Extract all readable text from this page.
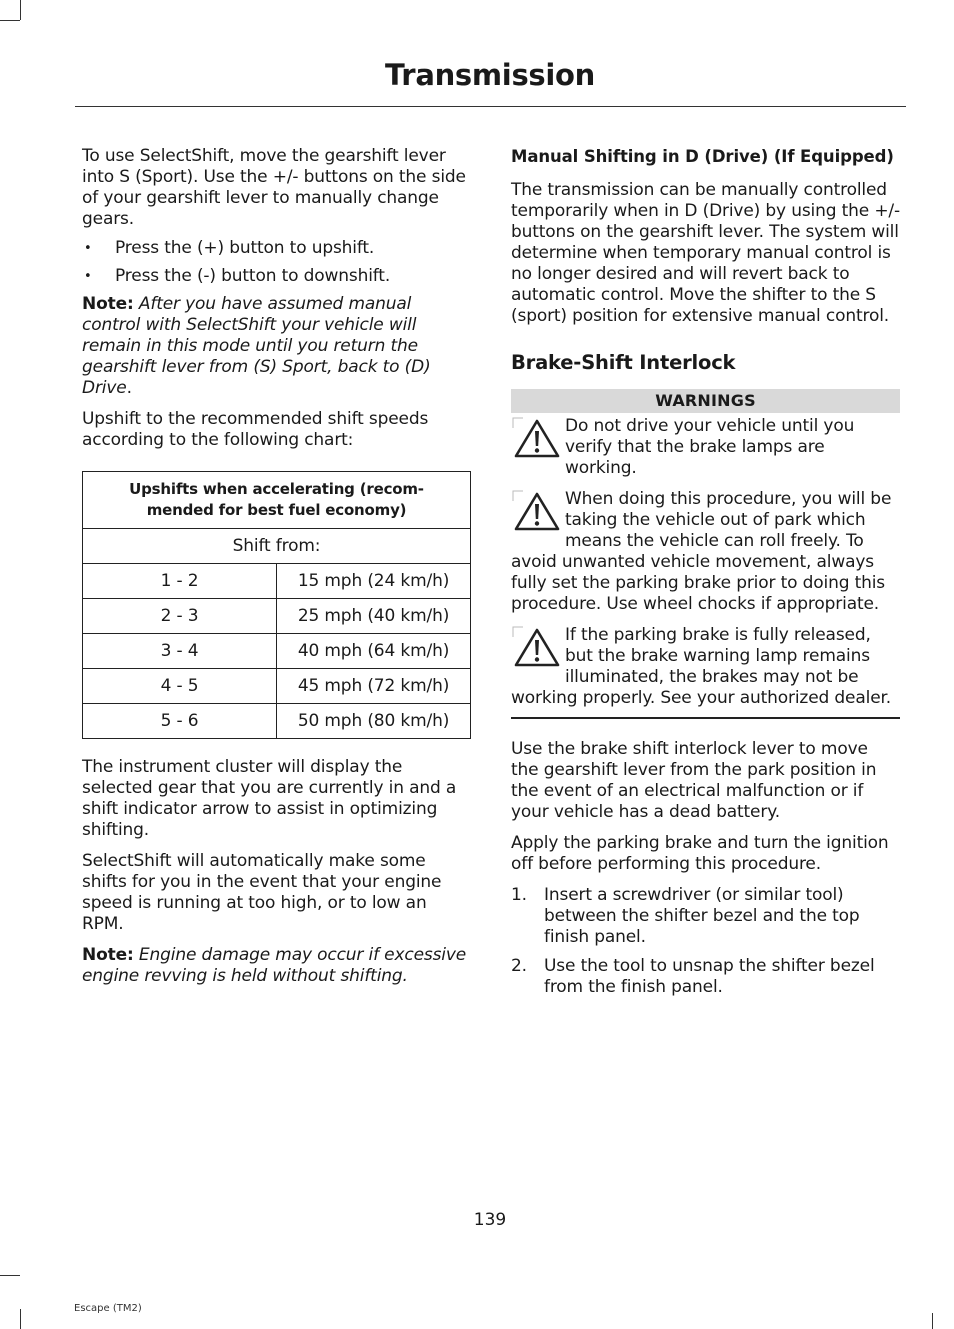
Transmission

To use SelectShift, move the gearshift lever into S (Sport). Use the +/- buttons on the side of your gearshift lever to manually change gears.

• Press the (+) button to upshift.
• Press the (-) button to downshift.

Note: After you have assumed manual control with SelectShift your vehicle will remain in this mode until you return the gearshift lever from (S) Sport, back to (D) Drive.

Upshift to the recommended shift speeds according to the following chart:

Upshifts when accelerating (recom-mended for best fuel economy)	
Shift from:	
1 - 2	15 mph (24 km/h)
2 - 3	25 mph (40 km/h)
3 - 4	40 mph (64 km/h)
4 - 5	45 mph (72 km/h)
5 - 6	50 mph (80 km/h)

The instrument cluster will display the selected gear that you are currently in and a shift indicator arrow to assist in optimizing shifting.

SelectShift will automatically make some shifts for you in the event that your engine speed is running at too high, or to low an RPM.

Note: Engine damage may occur if excessive engine revving is held without shifting.

Manual Shifting in D (Drive) (If Equipped)

The transmission can be manually controlled temporarily when in D (Drive) by using the +/- buttons on the gearshift lever. The system will determine when temporary manual control is no longer desired and will revert back to automatic control. Move the shifter to the S (sport) position for extensive manual control.

Brake-Shift Interlock
WARNINGS
Do not drive your vehicle until you verify that the brake lamps are working.
When doing this procedure, you will be taking the vehicle out of park which means the vehicle can roll freely. To avoid unwanted vehicle movement, always fully set the parking brake prior to doing this procedure. Use wheel chocks if appropriate.
If the parking brake is fully released, but the brake warning lamp remains illuminated, the brakes may not be working properly. See your authorized dealer.

Use the brake shift interlock lever to move the gearshift lever from the park position in the event of an electrical malfunction or if your vehicle has a dead battery.

Apply the parking brake and turn the ignition off before performing this procedure.

1. Insert a screwdriver (or similar tool) between the shifter bezel and the top finish panel.
2. Use the tool to unsnap the shifter bezel from the finish panel.
139
Escape (TM2)
